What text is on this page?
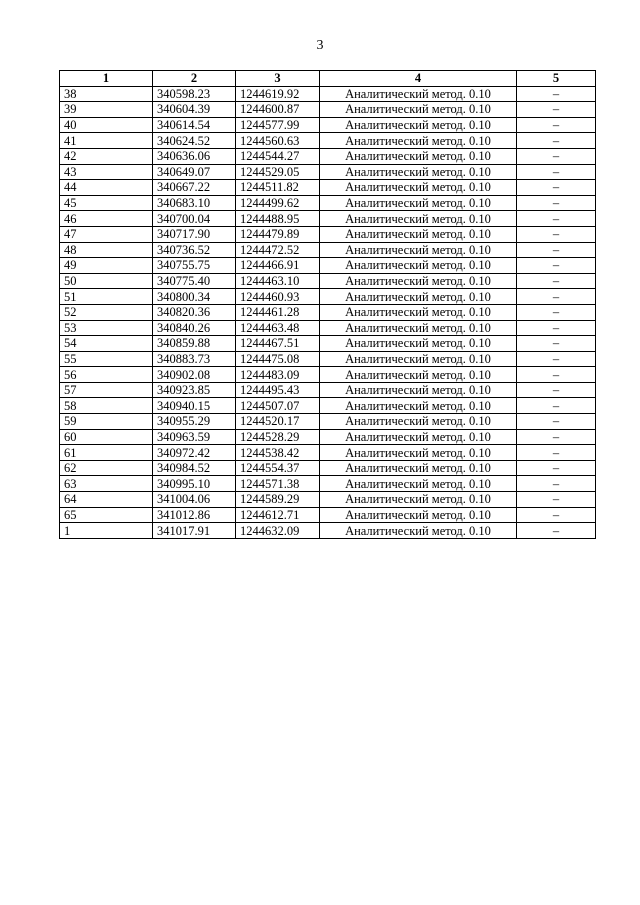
3
1	2	3	4	5
38	340598.23	1244619.92	Аналитический метод. 0.10	–
39	340604.39	1244600.87	Аналитический метод. 0.10	–
40	340614.54	1244577.99	Аналитический метод. 0.10	–
41	340624.52	1244560.63	Аналитический метод. 0.10	–
42	340636.06	1244544.27	Аналитический метод. 0.10	–
43	340649.07	1244529.05	Аналитический метод. 0.10	–
44	340667.22	1244511.82	Аналитический метод. 0.10	–
45	340683.10	1244499.62	Аналитический метод. 0.10	–
46	340700.04	1244488.95	Аналитический метод. 0.10	–
47	340717.90	1244479.89	Аналитический метод. 0.10	–
48	340736.52	1244472.52	Аналитический метод. 0.10	–
49	340755.75	1244466.91	Аналитический метод. 0.10	–
50	340775.40	1244463.10	Аналитический метод. 0.10	–
51	340800.34	1244460.93	Аналитический метод. 0.10	–
52	340820.36	1244461.28	Аналитический метод. 0.10	–
53	340840.26	1244463.48	Аналитический метод. 0.10	–
54	340859.88	1244467.51	Аналитический метод. 0.10	–
55	340883.73	1244475.08	Аналитический метод. 0.10	–
56	340902.08	1244483.09	Аналитический метод. 0.10	–
57	340923.85	1244495.43	Аналитический метод. 0.10	–
58	340940.15	1244507.07	Аналитический метод. 0.10	–
59	340955.29	1244520.17	Аналитический метод. 0.10	–
60	340963.59	1244528.29	Аналитический метод. 0.10	–
61	340972.42	1244538.42	Аналитический метод. 0.10	–
62	340984.52	1244554.37	Аналитический метод. 0.10	–
63	340995.10	1244571.38	Аналитический метод. 0.10	–
64	341004.06	1244589.29	Аналитический метод. 0.10	–
65	341012.86	1244612.71	Аналитический метод. 0.10	–
1	341017.91	1244632.09	Аналитический метод. 0.10	–
